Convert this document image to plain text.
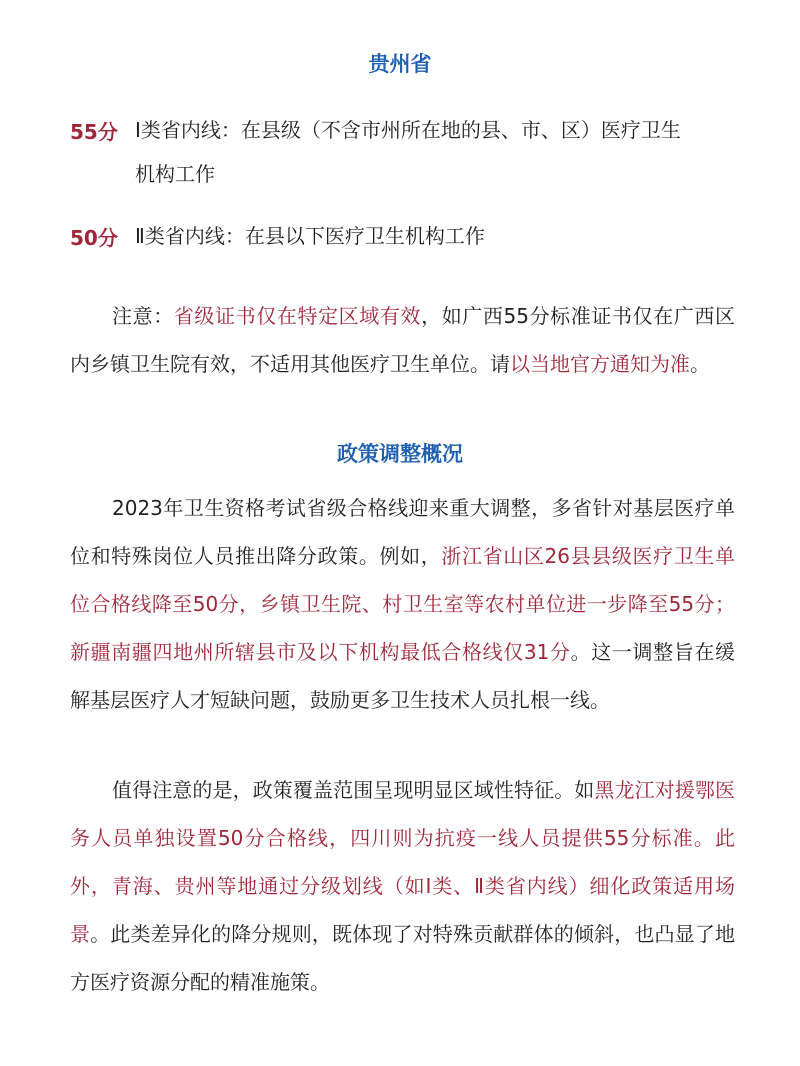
贵州省
55分 Ⅰ类省内线：在县级（不含市州所在地的县、市、区）医疗卫生
机构工作
50分 Ⅱ类省内线：在县以下医疗卫生机构工作
注意：省级证书仅在特定区域有效，如广西55分标准证书仅在广西区内乡镇卫生院有效，不适用其他医疗卫生单位。请以当地官方通知为准。
政策调整概况
2023年卫生资格考试省级合格线迎来重大调整，多省针对基层医疗单位和特殊岗位人员推出降分政策。例如，浙江省山区26县县级医疗卫生单位合格线降至50分，乡镇卫生院、村卫生室等农村单位进一步降至55分；新疆南疆四地州所辖县市及以下机构最低合格线仅31分。这一调整旨在缓解基层医疗人才短缺问题，鼓励更多卫生技术人员扎根一线。
值得注意的是，政策覆盖范围呈现明显区域性特征。如黑龙江对援鄂医务人员单独设置50分合格线，四川则为抗疫一线人员提供55分标准。此外，青海、贵州等地通过分级划线（如Ⅰ类、Ⅱ类省内线）细化政策适用场景。此类差异化的降分规则，既体现了对特殊贡献群体的倾斜，也凸显了地方医疗资源分配的精准施策。
